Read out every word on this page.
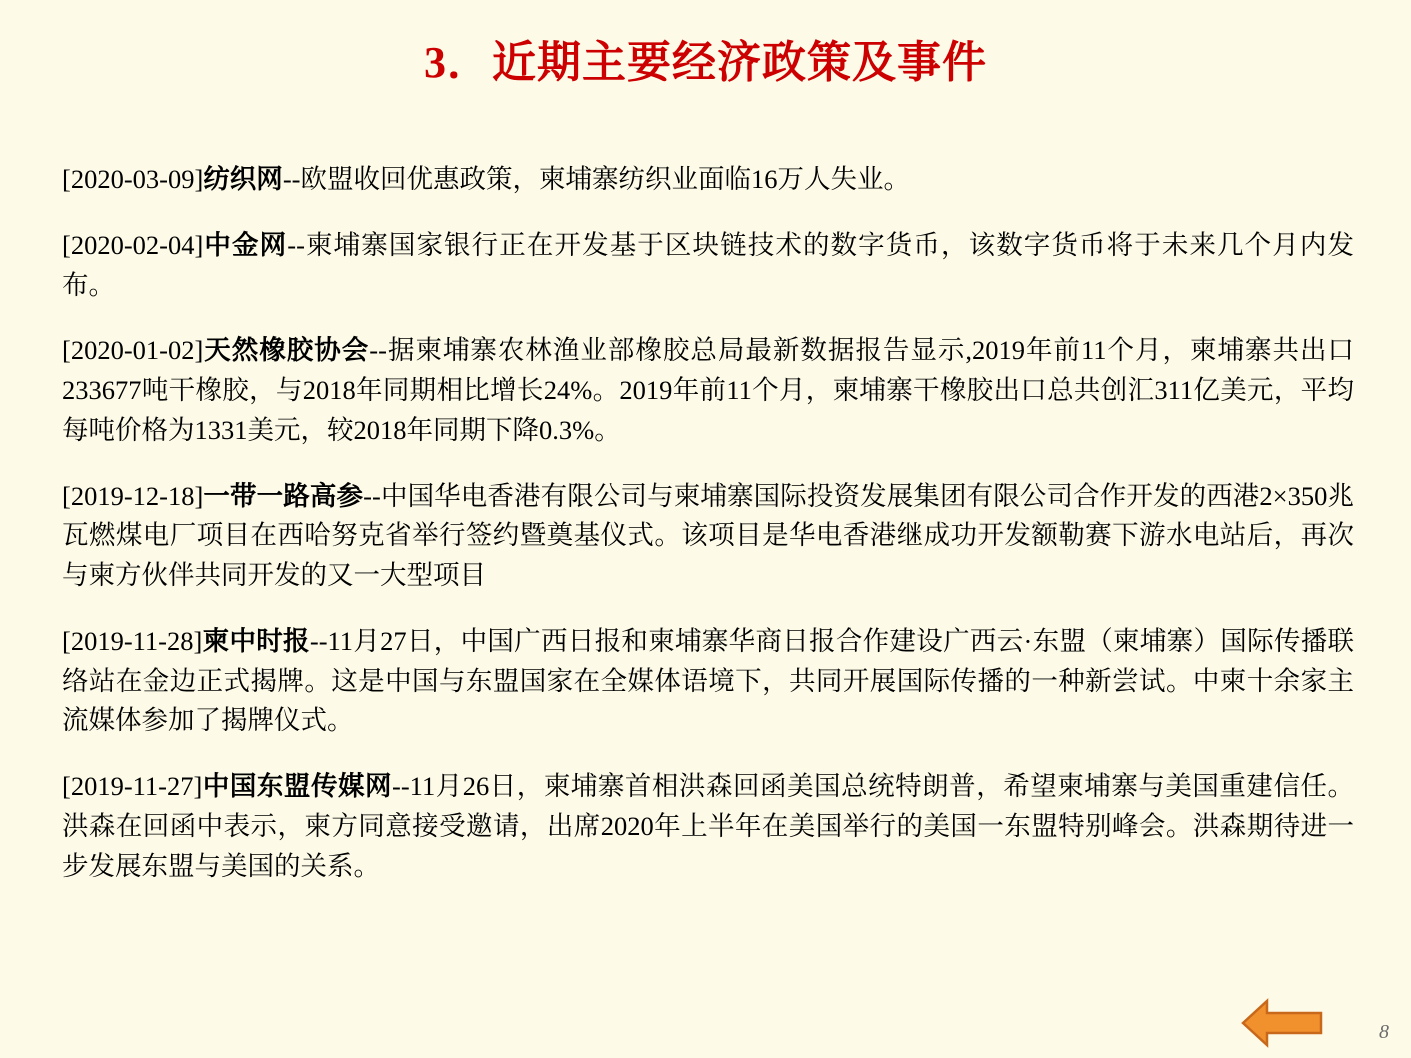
3．近期主要经济政策及事件
[2020-03-09]纺织网--欧盟收回优惠政策，柬埔寨纺织业面临16万人失业。
[2020-02-04]中金网--柬埔寨国家银行正在开发基于区块链技术的数字货币，该数字货币将于未来几个月内发布。
[2020-01-02]天然橡胶协会--据柬埔寨农林渔业部橡胶总局最新数据报告显示,2019年前11个月，柬埔寨共出口233677吨干橡胶，与2018年同期相比增长24%。2019年前11个月，柬埔寨干橡胶出口总共创汇311亿美元，平均每吨价格为1331美元，较2018年同期下降0.3%。
[2019-12-18]一带一路高参--中国华电香港有限公司与柬埔寨国际投资发展集团有限公司合作开发的西港2×350兆瓦燃煤电厂项目在西哈努克省举行签约暨奠基仪式。该项目是华电香港继成功开发额勒赛下游水电站后，再次与柬方伙伴共同开发的又一大型项目
[2019-11-28]柬中时报--11月27日，中国广西日报和柬埔寨华商日报合作建设广西云·东盟（柬埔寨）国际传播联络站在金边正式揭牌。这是中国与东盟国家在全媒体语境下，共同开展国际传播的一种新尝试。中柬十余家主流媒体参加了揭牌仪式。
[2019-11-27]中国东盟传媒网--11月26日，柬埔寨首相洪森回函美国总统特朗普，希望柬埔寨与美国重建信任。洪森在回函中表示，柬方同意接受邀请，出席2020年上半年在美国举行的美国一东盟特别峰会。洪森期待进一步发展东盟与美国的关系。
8
